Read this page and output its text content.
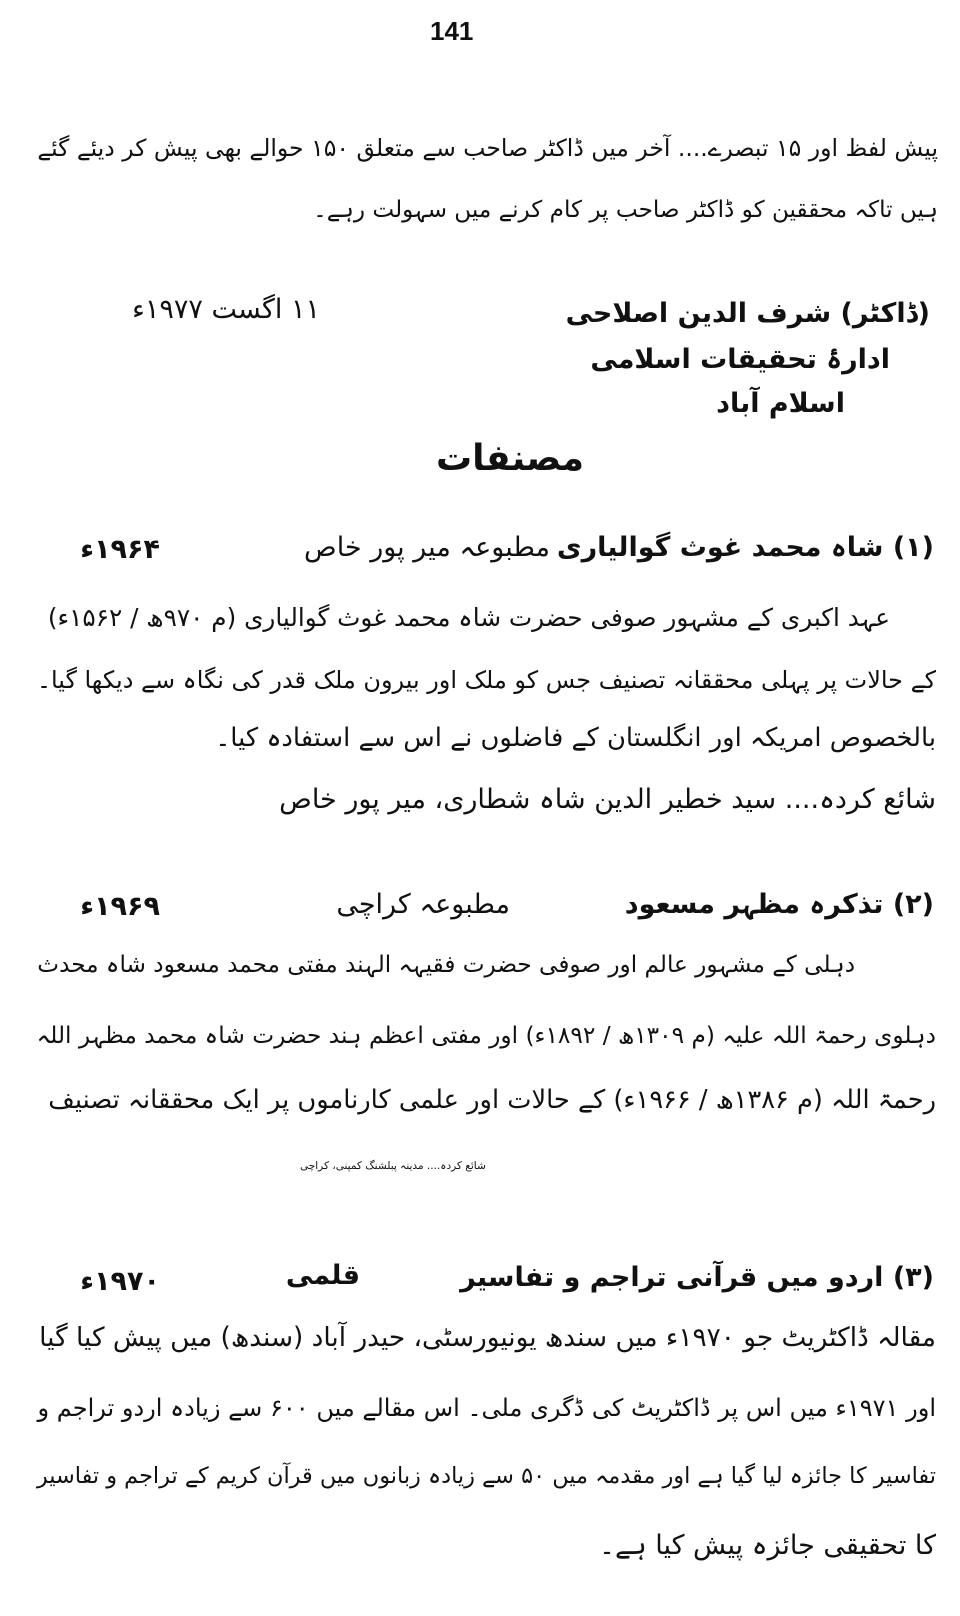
141
پیش لفظ اور ۱۵ تبصرے.... آخر میں ڈاکٹر صاحب سے متعلق ۱۵۰ حوالے بھی پیش کر دیئے گئے
ہیں تاکہ محققین کو ڈاکٹر صاحب پر کام کرنے میں سہولت رہے۔
۱۱ اگست ۱۹۷۷ء	(ڈاکٹر) شرف الدین اصلاحی
ادارۂ تحقیقات اسلامی
اسلام آباد
مصنفات
(۱) شاہ محمد غوث گوالیاری
مطبوعہ میر پور خاص
۱۹۶۴ء
عہد اکبری کے مشہور صوفی حضرت شاہ محمد غوث گوالیاری (م ۹۷۰ھ / ۱۵۶۲ء)
کے حالات پر پہلی محققانہ تصنیف جس کو ملک اور بیرون ملک قدر کی نگاہ سے دیکھا گیا۔
بالخصوص امریکہ اور انگلستان کے فاضلوں نے اس سے استفادہ کیا۔
شائع کردہ.... سید خطیر الدین شاہ شطاری، میر پور خاص
(۲) تذکرہ مظہر مسعود
مطبوعہ کراچی
۱۹۶۹ء
دہلی کے مشہور عالم اور صوفی حضرت فقیہہ الہند مفتی محمد مسعود شاہ محدث
دہلوی رحمۃ اللہ علیہ (م ۱۳۰۹ھ / ۱۸۹۲ء) اور مفتی اعظم ہند حضرت شاہ محمد مظہر اللہ
رحمۃ اللہ (م ۱۳۸۶ھ / ۱۹۶۶ء) کے حالات اور علمی کارناموں پر ایک محققانہ تصنیف
شائع کردہ.... مدینہ پبلشنگ کمپنی، کراچی
(۳) اردو میں قرآنی تراجم و تفاسیر
قلمی
۱۹۷۰ء
مقالہ ڈاکٹریٹ جو ۱۹۷۰ء میں سندھ یونیورسٹی، حیدر آباد (سندھ) میں پیش کیا گیا
اور ۱۹۷۱ء میں اس پر ڈاکٹریٹ کی ڈگری ملی۔ اس مقالے میں ۶۰۰ سے زیادہ اردو تراجم و
تفاسیر کا جائزہ لیا گیا ہے اور مقدمہ میں ۵۰ سے زیادہ زبانوں میں قرآن کریم کے تراجم و تفاسیر
کا تحقیقی جائزہ پیش کیا ہے۔
